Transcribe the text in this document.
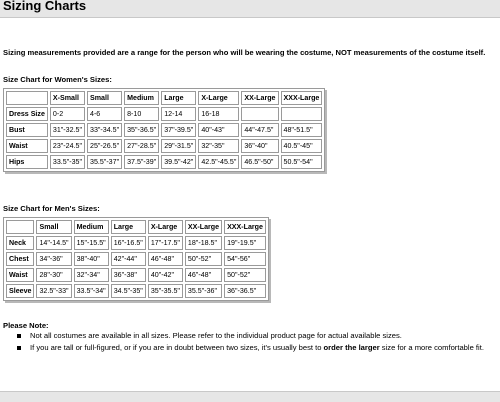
Sizing Charts
Sizing measurements provided are a range for the person who will be wearing the costume, NOT measurements of the costume itself.
Size Chart for Women's Sizes:
	X-Small	Small	Medium	Large	X-Large	XX-Large	XXX-Large
Dress Size	0-2	4-6	8-10	12-14	16-18		
Bust	31"-32.5"	33"-34.5"	35"-36.5"	37"-39.5"	40"-43"	44"-47.5"	48"-51.5"
Waist	23"-24.5"	25"-26.5"	27"-28.5"	29"-31.5"	32"-35"	36"-40"	40.5"-45"
Hips	33.5"-35"	35.5"-37"	37.5"-39"	39.5"-42"	42.5"-45.5"	46.5"-50"	50.5"-54"
Size Chart for Men's Sizes:
	Small	Medium	Large	X-Large	XX-Large	XXX-Large
Neck	14"-14.5"	15"-15.5"	16"-16.5"	17"-17.5"	18"-18.5"	19"-19.5"
Chest	34"-36"	38"-40"	42"-44"	46"-48"	50"-52"	54"-56"
Waist	28"-30"	32"-34"	36"-38"	40"-42"	46"-48"	50"-52"
Sleeve	32.5"-33"	33.5"-34"	34.5"-35"	35"-35.5"	35.5"-36"	36"-36.5"
Please Note:
Not all costumes are available in all sizes. Please refer to the individual product page for actual available sizes.
If you are tall or full-figured, or if you are in doubt between two sizes, it's usually best to order the larger size for a more comfortable fit.
